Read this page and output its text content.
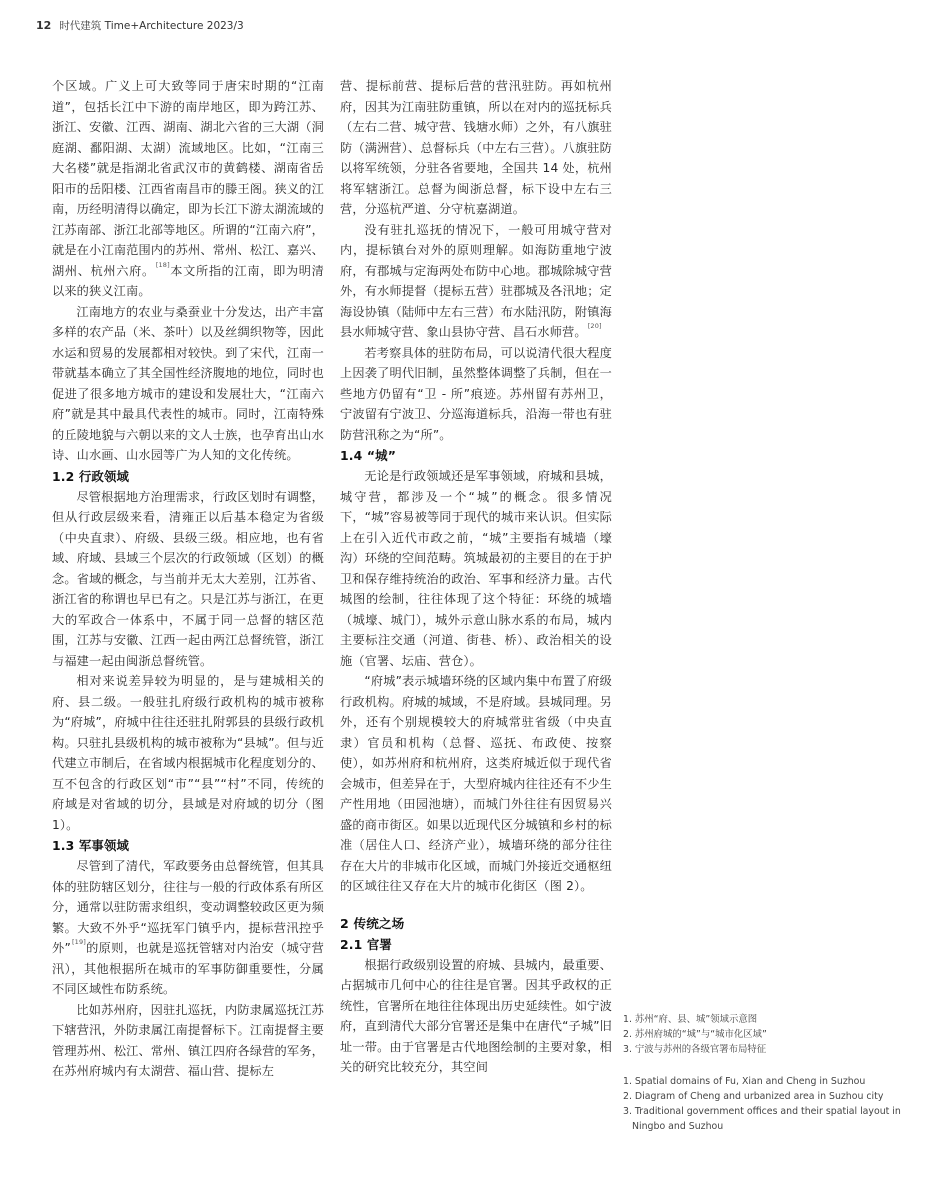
12 时代建筑 Time+Architecture 2023/3

个区域。广义上可大致等同于唐宋时期的“江南道”，包括长江中下游的南岸地区，即为跨江苏、浙江、安徽、江西、湖南、湖北六省的三大湖（洞庭湖、鄱阳湖、太湖）流域地区。比如，“江南三大名楼”就是指湖北省武汉市的黄鹤楼、湖南省岳阳市的岳阳楼、江西省南昌市的滕王阁。狭义的江南，历经明清得以确定，即为长江下游太湖流域的江苏南部、浙江北部等地区。所谓的“江南六府”，就是在小江南范围内的苏州、常州、松江、嘉兴、湖州、杭州六府。[18]本文所指的江南，即为明清以来的狭义江南。

江南地方的农业与桑蚕业十分发达，出产丰富多样的农产品（米、茶叶）以及丝绸织物等，因此水运和贸易的发展都相对较快。到了宋代，江南一带就基本确立了其全国性经济腹地的地位，同时也促进了很多地方城市的建设和发展壮大，“江南六府”就是其中最具代表性的城市。同时，江南特殊的丘陵地貌与六朝以来的文人士族，也孕育出山水诗、山水画、山水园等广为人知的文化传统。

1.2 行政领域

尽管根据地方治理需求，行政区划时有调整，但从行政层级来看，清雍正以后基本稳定为省级（中央直隶）、府级、县级三级。相应地，也有省域、府域、县域三个层次的行政领域（区划）的概念。省域的概念，与当前并无太大差别，江苏省、浙江省的称谓也早已有之。只是江苏与浙江，在更大的军政合一体系中，不属于同一总督的辖区范围，江苏与安徽、江西一起由两江总督统管，浙江与福建一起由闽浙总督统管。

相对来说差异较为明显的，是与建城相关的府、县二级。一般驻扎府级行政机构的城市被称为“府城”，府城中往往还驻扎附郭县的县级行政机构。只驻扎县级机构的城市被称为“县城”。但与近代建立市制后，在省域内根据城市化程度划分的、互不包含的行政区划“市”“县”“村”不同，传统的府域是对省域的切分，县域是对府域的切分（图 1）。

1.3 军事领域

尽管到了清代，军政要务由总督统管，但其具体的驻防辖区划分，往往与一般的行政体系有所区分，通常以驻防需求组织，变动调整较政区更为频繁。大致不外乎“巡抚军门镇乎内，提标营汛控乎外”[19]的原则，也就是巡抚管辖对内治安（城守营汛），其他根据所在城市的军事防御重要性，分属不同区域性布防系统。

比如苏州府，因驻扎巡抚，内防隶属巡抚江苏下辖营汛，外防隶属江南提督标下。江南提督主要管理苏州、松江、常州、镇江四府各绿营的军务，在苏州府城内有太湖营、福山营、提标左

营、提标前营、提标后营的营汛驻防。再如杭州府，因其为江南驻防重镇，所以在对内的巡抚标兵（左右二营、城守营、钱塘水师）之外，有八旗驻防（满洲营）、总督标兵（中左右三营）。八旗驻防以将军统领，分驻各省要地，全国共 14 处，杭州将军辖浙江。总督为闽浙总督，标下设中左右三营，分巡杭严道、分守杭嘉湖道。

没有驻扎巡抚的情况下，一般可用城守营对内，提标镇台对外的原则理解。如海防重地宁波府，有郡城与定海两处布防中心地。郡城除城守营外，有水师提督（提标五营）驻郡城及各汛地；定海设协镇（陆师中左右三营）布水陆汛防，附镇海县水师城守营、象山县协守营、昌石水师营。[20]

若考察具体的驻防布局，可以说清代很大程度上因袭了明代旧制，虽然整体调整了兵制，但在一些地方仍留有“卫 - 所”痕迹。苏州留有苏州卫，宁波留有宁波卫、分巡海道标兵，沿海一带也有驻防营汛称之为“所”。

1.4 “城”

无论是行政领域还是军事领域，府城和县城，城守营，都涉及一个“城”的概念。很多情况下，“城”容易被等同于现代的城市来认识。但实际上在引入近代市政之前，“城”主要指有城墙（壕沟）环绕的空间范畴。筑城最初的主要目的在于护卫和保存维持统治的政治、军事和经济力量。古代城图的绘制，往往体现了这个特征：环绕的城墙（城壕、城门），城外示意山脉水系的布局，城内主要标注交通（河道、街巷、桥）、政治相关的设施（官署、坛庙、营仓）。

“府城”表示城墙环绕的区域内集中布置了府级行政机构。府城的城域，不是府域。县城同理。另外，还有个别规模较大的府城常驻省级（中央直隶）官员和机构（总督、巡抚、布政使、按察使），如苏州府和杭州府，这类府城近似于现代省会城市，但差异在于，大型府城内往往还有不少生产性用地（田园池塘），而城门外往往有因贸易兴盛的商市街区。如果以近现代区分城镇和乡村的标准（居住人口、经济产业），城墙环绕的部分往往存在大片的非城市化区域，而城门外接近交通枢纽的区域往往又存在大片的城市化街区（图 2）。

2 传统之场
2.1 官署

根据行政级别设置的府城、县城内，最重要、占据城市几何中心的往往是官署。因其乎政权的正统性，官署所在地往往体现出历史延续性。如宁波府，直到清代大部分官署还是集中在唐代“子城”旧址一带。由于官署是古代地图绘制的主要对象，相关的研究比较充分，其空间

1. 苏州“府、县、城”领域示意图
2. 苏州府城的“城”与“城市化区域”
3. 宁波与苏州的各级官署布局特征
1. Spatial domains of Fu, Xian and Cheng in Suzhou
2. Diagram of Cheng and urbanized area in Suzhou city
3. Traditional government offices and their spatial layout in Ningbo and Suzhou
